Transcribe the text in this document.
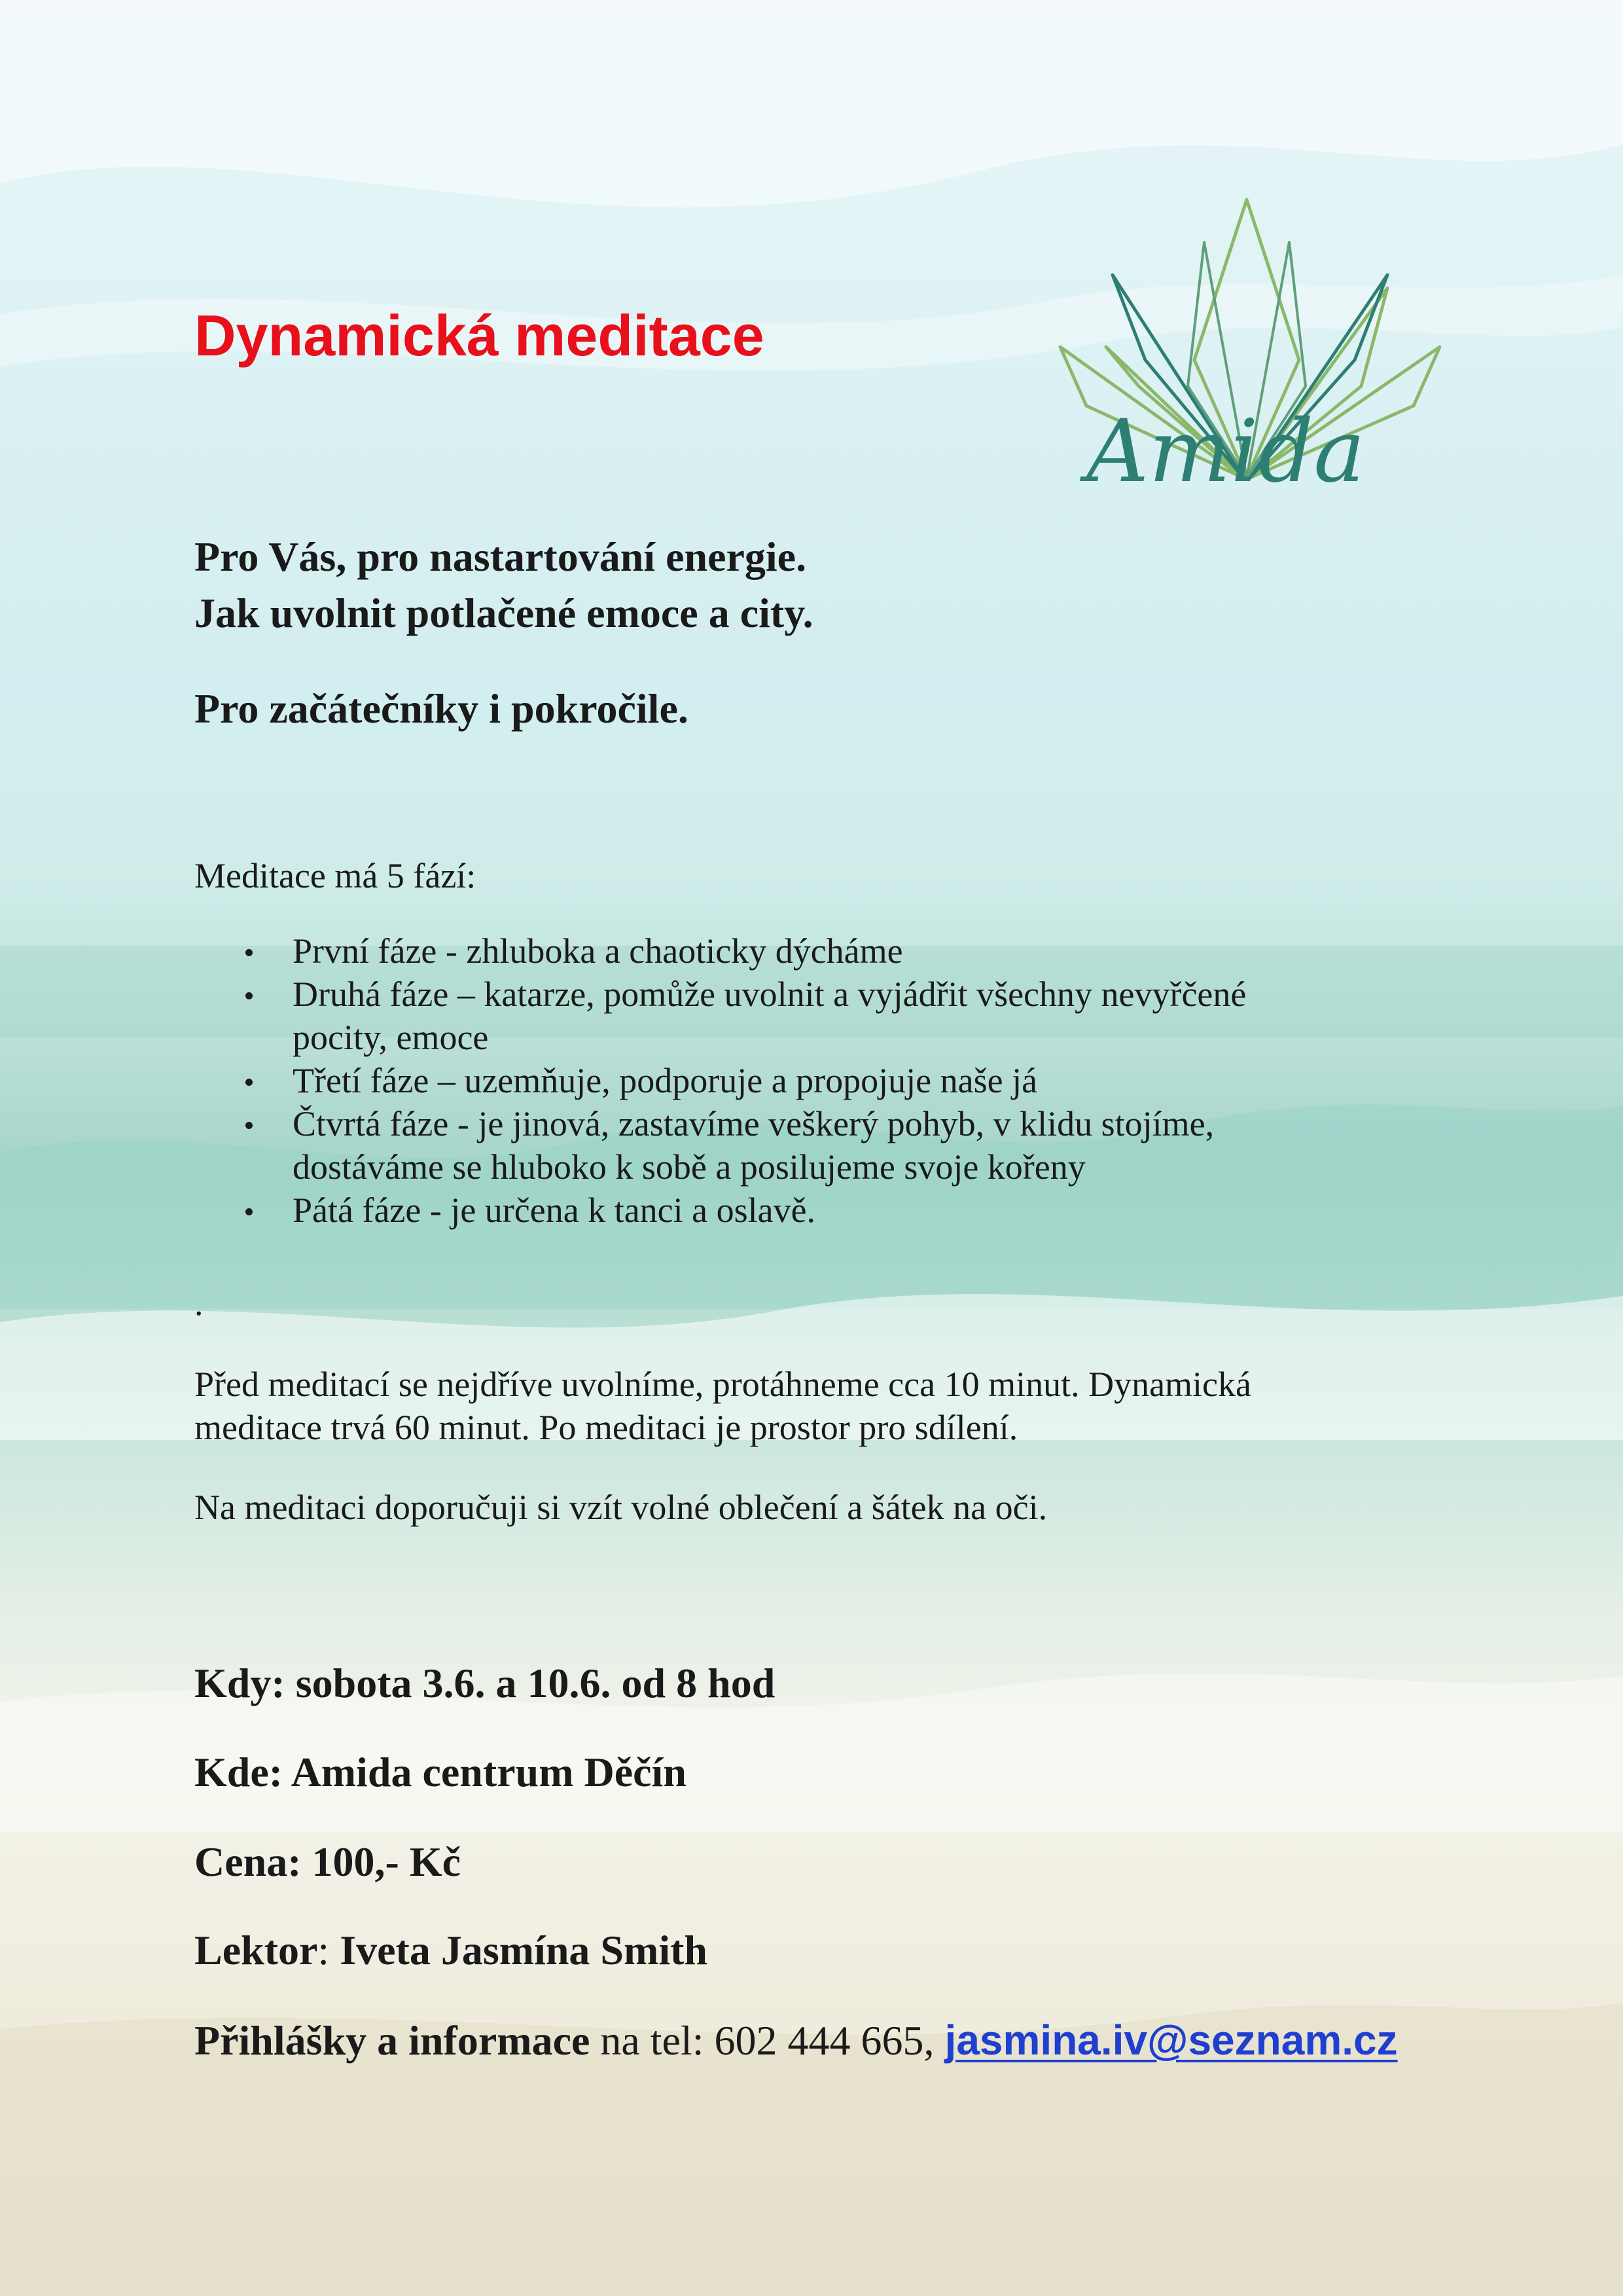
Dynamická meditace
Amida

Pro Vás, pro nastartování energie.

Jak uvolnit potlačené emoce a city.

Pro začátečníky i pokročile.

Meditace má 5 fází:

První fáze - zhluboka a chaoticky dýcháme
Druhá fáze – katarze, pomůže uvolnit a vyjádřit všechny nevyřčené
pocity, emoce
Třetí fáze – uzemňuje, podporuje a propojuje naše já
Čtvrtá fáze - je jinová, zastavíme veškerý pohyb, v klidu stojíme,
dostáváme se hluboko k sobě a posilujeme svoje kořeny
Pátá fáze - je určena k tanci a oslavě.

.

Před meditací se nejdříve uvolníme, protáhneme cca 10 minut. Dynamická
meditace trvá 60 minut. Po meditaci je prostor pro sdílení.

Na meditaci doporučuji si vzít volné oblečení a šátek na oči.

Kdy: sobota 3.6. a 10.6. od 8 hod

Kde: Amida centrum Děčín

Cena: 100,- Kč

Lektor: Iveta Jasmína Smith

Přihlášky a informace na tel: 602 444 665, jasmina.iv@seznam.cz
